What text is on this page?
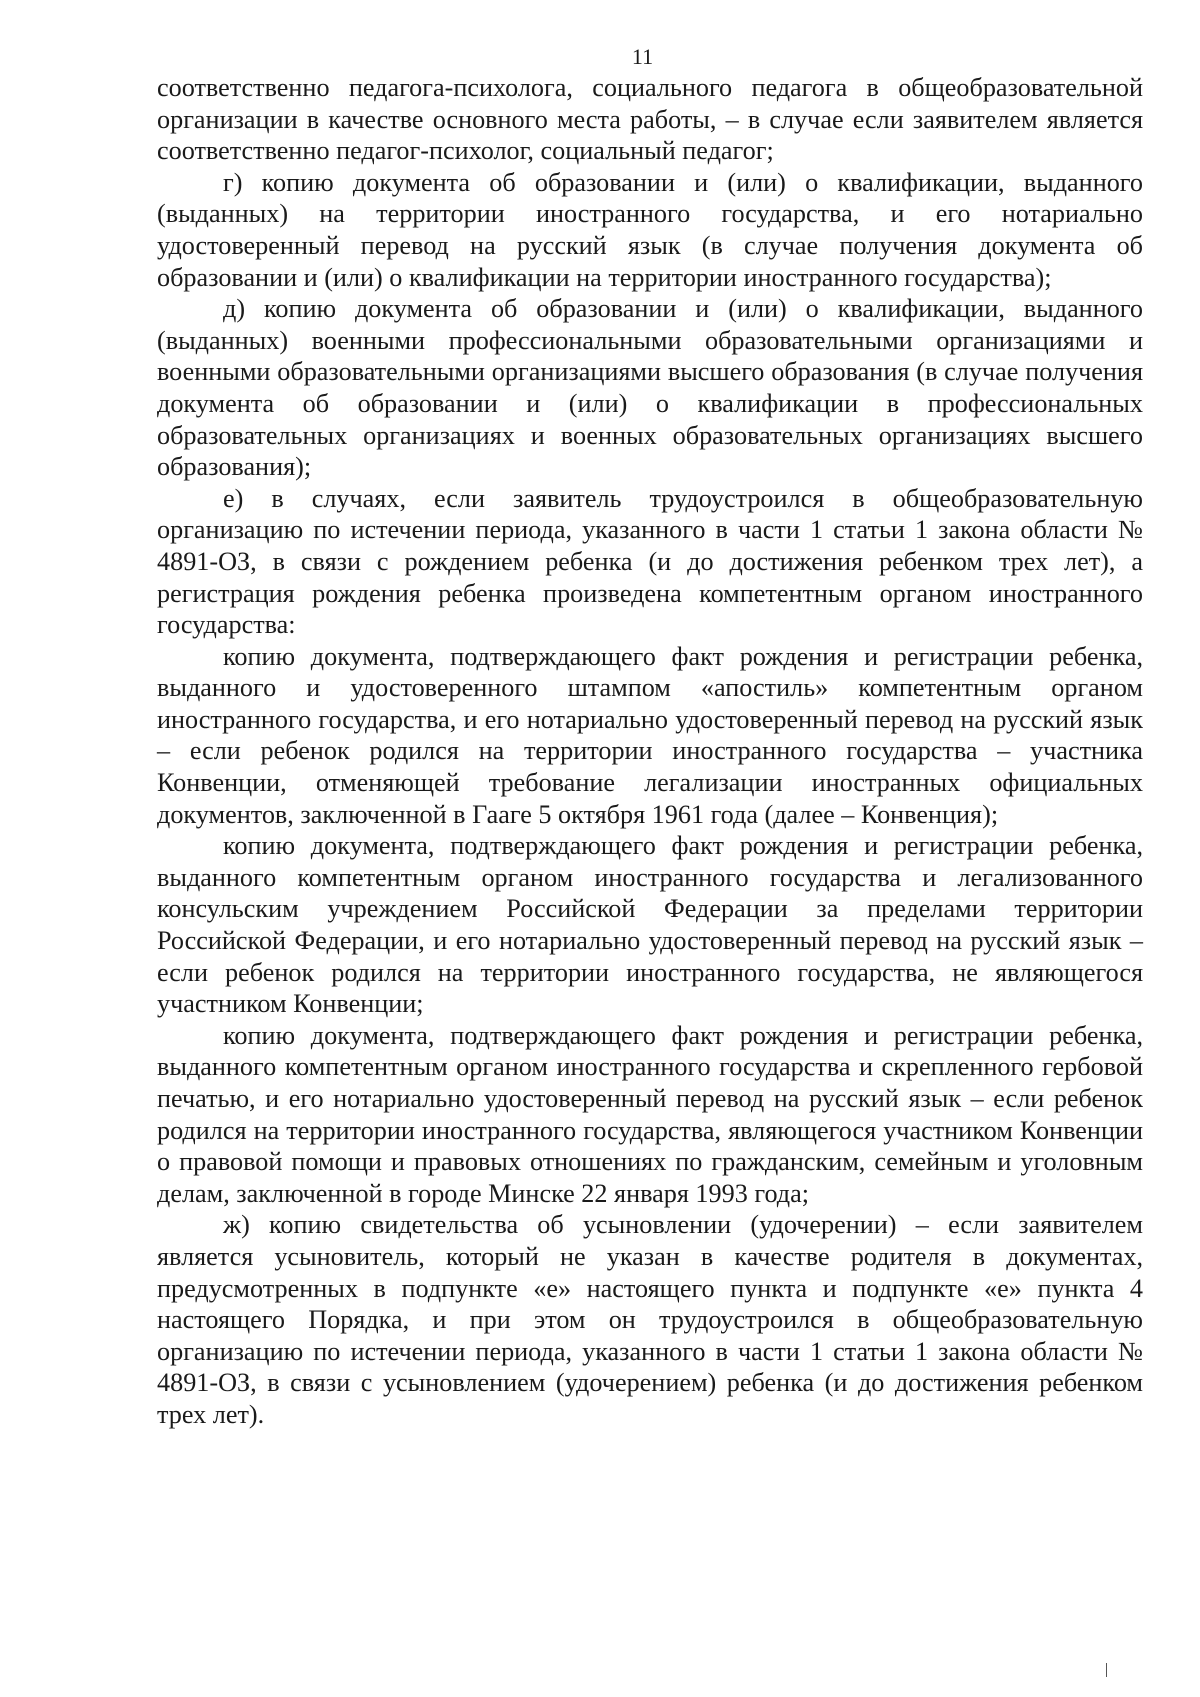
11

соответственно педагога-психолога, социального педагога в общеобразовательной организации в качестве основного места работы, – в случае если заявителем является соответственно педагог-психолог, социальный педагог;

г) копию документа об образовании и (или) о квалификации, выданного (выданных) на территории иностранного государства, и его нотариально удостоверенный перевод на русский язык (в случае получения документа об образовании и (или) о квалификации на территории иностранного государства);

д) копию документа об образовании и (или) о квалификации, выданного (выданных) военными профессиональными образовательными организациями и военными образовательными организациями высшего образования (в случае получения документа об образовании и (или) о квалификации в профессиональных образовательных организациях и военных образовательных организациях высшего образования);

е) в случаях, если заявитель трудоустроился в общеобразовательную организацию по истечении периода, указанного в части 1 статьи 1 закона области № 4891-ОЗ, в связи с рождением ребенка (и до достижения ребенком трех лет), а регистрация рождения ребенка произведена компетентным органом иностранного государства:

копию документа, подтверждающего факт рождения и регистрации ребенка, выданного и удостоверенного штампом «апостиль» компетентным органом иностранного государства, и его нотариально удостоверенный перевод на русский язык – если ребенок родился на территории иностранного государства – участника Конвенции, отменяющей требование легализации иностранных официальных документов, заключенной в Гааге 5 октября 1961 года (далее – Конвенция);

копию документа, подтверждающего факт рождения и регистрации ребенка, выданного компетентным органом иностранного государства и легализованного консульским учреждением Российской Федерации за пределами территории Российской Федерации, и его нотариально удостоверенный перевод на русский язык – если ребенок родился на территории иностранного государства, не являющегося участником Конвенции;

копию документа, подтверждающего факт рождения и регистрации ребенка, выданного компетентным органом иностранного государства и скрепленного гербовой печатью, и его нотариально удостоверенный перевод на русский язык – если ребенок родился на территории иностранного государства, являющегося участником Конвенции о правовой помощи и правовых отношениях по гражданским, семейным и уголовным делам, заключенной в городе Минске 22 января 1993 года;

ж) копию свидетельства об усыновлении (удочерении) – если заявителем является усыновитель, который не указан в качестве родителя в документах, предусмотренных в подпункте «е» настоящего пункта и подпункте «е» пункта 4 настоящего Порядка, и при этом он трудоустроился в общеобразовательную организацию по истечении периода, указанного в части 1 статьи 1 закона области № 4891-ОЗ, в связи с усыновлением (удочерением) ребенка (и до достижения ребенком трех лет).
